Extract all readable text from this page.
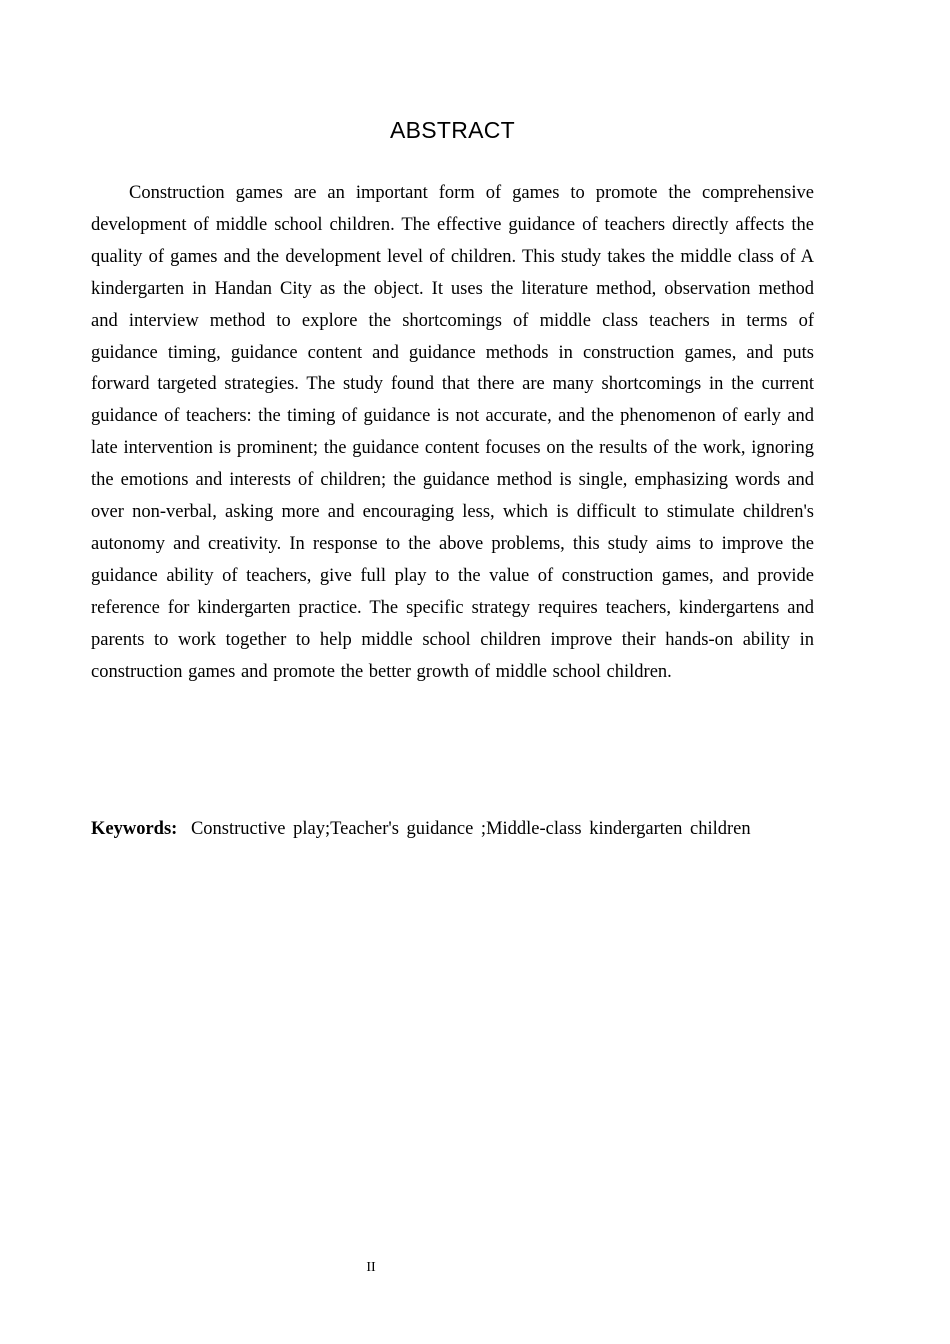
ABSTRACT

Construction games are an important form of games to promote the comprehensive development of middle school children. The effective guidance of teachers directly affects the quality of games and the development level of children. This study takes the middle class of A kindergarten in Handan City as the object. It uses the literature method, observation method and interview method to explore the shortcomings of middle class teachers in terms of guidance timing, guidance content and guidance methods in construction games, and puts forward targeted strategies. The study found that there are many shortcomings in the current guidance of teachers: the timing of guidance is not accurate, and the phenomenon of early and late intervention is prominent; the guidance content focuses on the results of the work, ignoring the emotions and interests of children; the guidance method is single, emphasizing words and over non-verbal, asking more and encouraging less, which is difficult to stimulate children's autonomy and creativity. In response to the above problems, this study aims to improve the guidance ability of teachers, give full play to the value of construction games, and provide reference for kindergarten practice. The specific strategy requires teachers, kindergartens and parents to work together to help middle school children improve their hands-on ability in construction games and promote the better growth of middle school children.

Keywords: Constructive play;Teacher's guidance ;Middle-class kindergarten children
II
